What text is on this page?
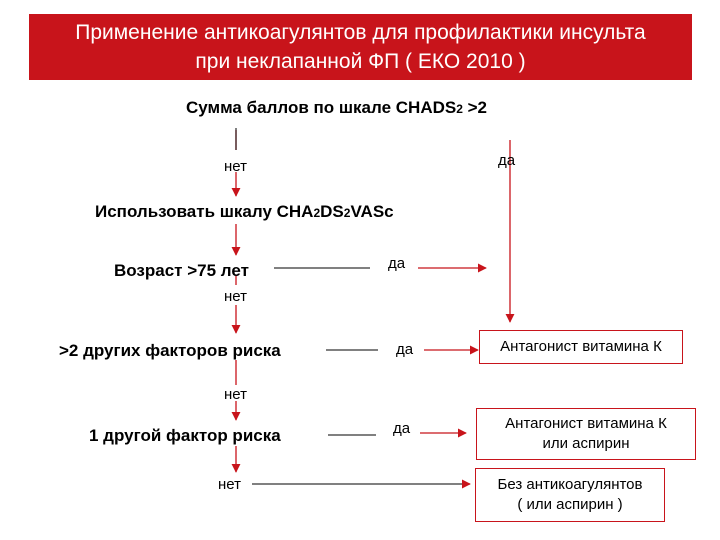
Применение антикоагулянтов для профилактики инсульта
при неклапанной ФП ( ЕКО 2010 )
Сумма баллов по шкале CHADS2 >2
нет	да
Использовать шкалу CHA2DS2VASc
Возраст >75 лет	да
нет
>2 других факторов риска	да
нет
1 другой фактор риска	да
нет
Антагонист витамина К
Антагонист витамина К
или аспирин
Без антикоагулянтов
( или аспирин )
